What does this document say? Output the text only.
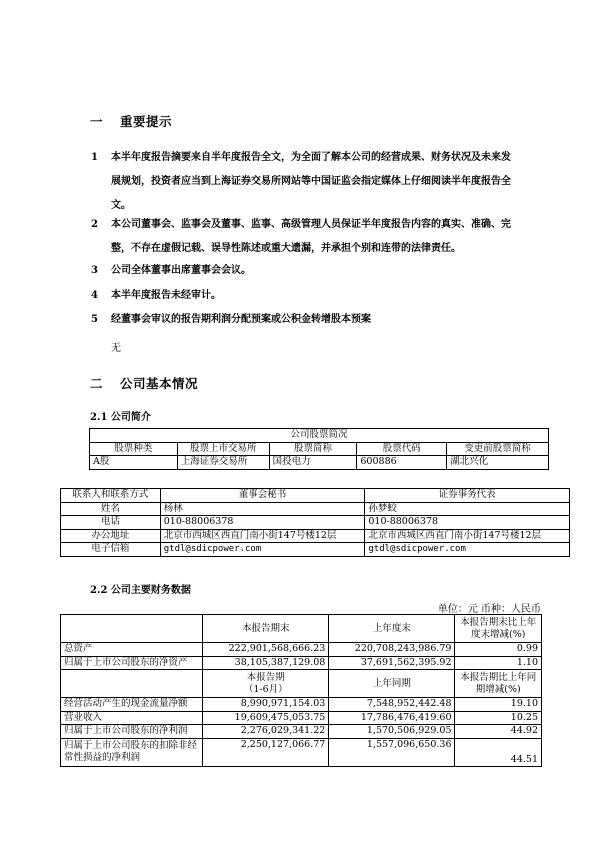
一 重要提示
1 本半年度报告摘要来自半年度报告全文，为全面了解本公司的经营成果、财务状况及未来发
展规划，投资者应当到上海证券交易所网站等中国证监会指定媒体上仔细阅读半年度报告全
文。
2 本公司董事会、监事会及董事、监事、高级管理人员保证半年度报告内容的真实、准确、完
整，不存在虚假记载、误导性陈述或重大遗漏，并承担个别和连带的法律责任。
3 公司全体董事出席董事会会议。
4 本半年度报告未经审计。
5 经董事会审议的报告期利润分配预案或公积金转增股本预案
无
二 公司基本情况
2.1 公司简介
公司股票简况				
股票种类	股票上市交易所	股票简称	股票代码	变更前股票简称
A股	上海证券交易所	国投电力	600886	湖北兴化
联系人和联系方式	董事会秘书	证券事务代表
姓名	杨林	孙梦蛟
电话	010-88006378	010-88006378
办公地址	北京市西城区西直门南小街147号楼12层	北京市西城区西直门南小街147号楼12层
电子信箱	gtdl@sdicpower.com	gtdl@sdicpower.com
2.2 公司主要财务数据
单位：元 币种：人民币
	本报告期末	上年度末	本报告期末比上年度末增减(%)
总资产	222,901,568,666.23	220,708,243,986.79	0.99
归属于上市公司股东的净资产	38,105,387,129.08	37,691,562,395.92	1.10
	本报告期
（1-6月）	上年同期	本报告期比上年同期增减(%)
经营活动产生的现金流量净额	8,990,971,154.03	7,548,952,442.48	19.10
营业收入	19,609,475,053.75	17,786,476,419.60	10.25
归属于上市公司股东的净利润	2,276,029,341.22	1,570,506,929.05	44.92
归属于上市公司股东的扣除非经常性损益的净利润	2,250,127,066.77	1,557,096,650.36	44.51
